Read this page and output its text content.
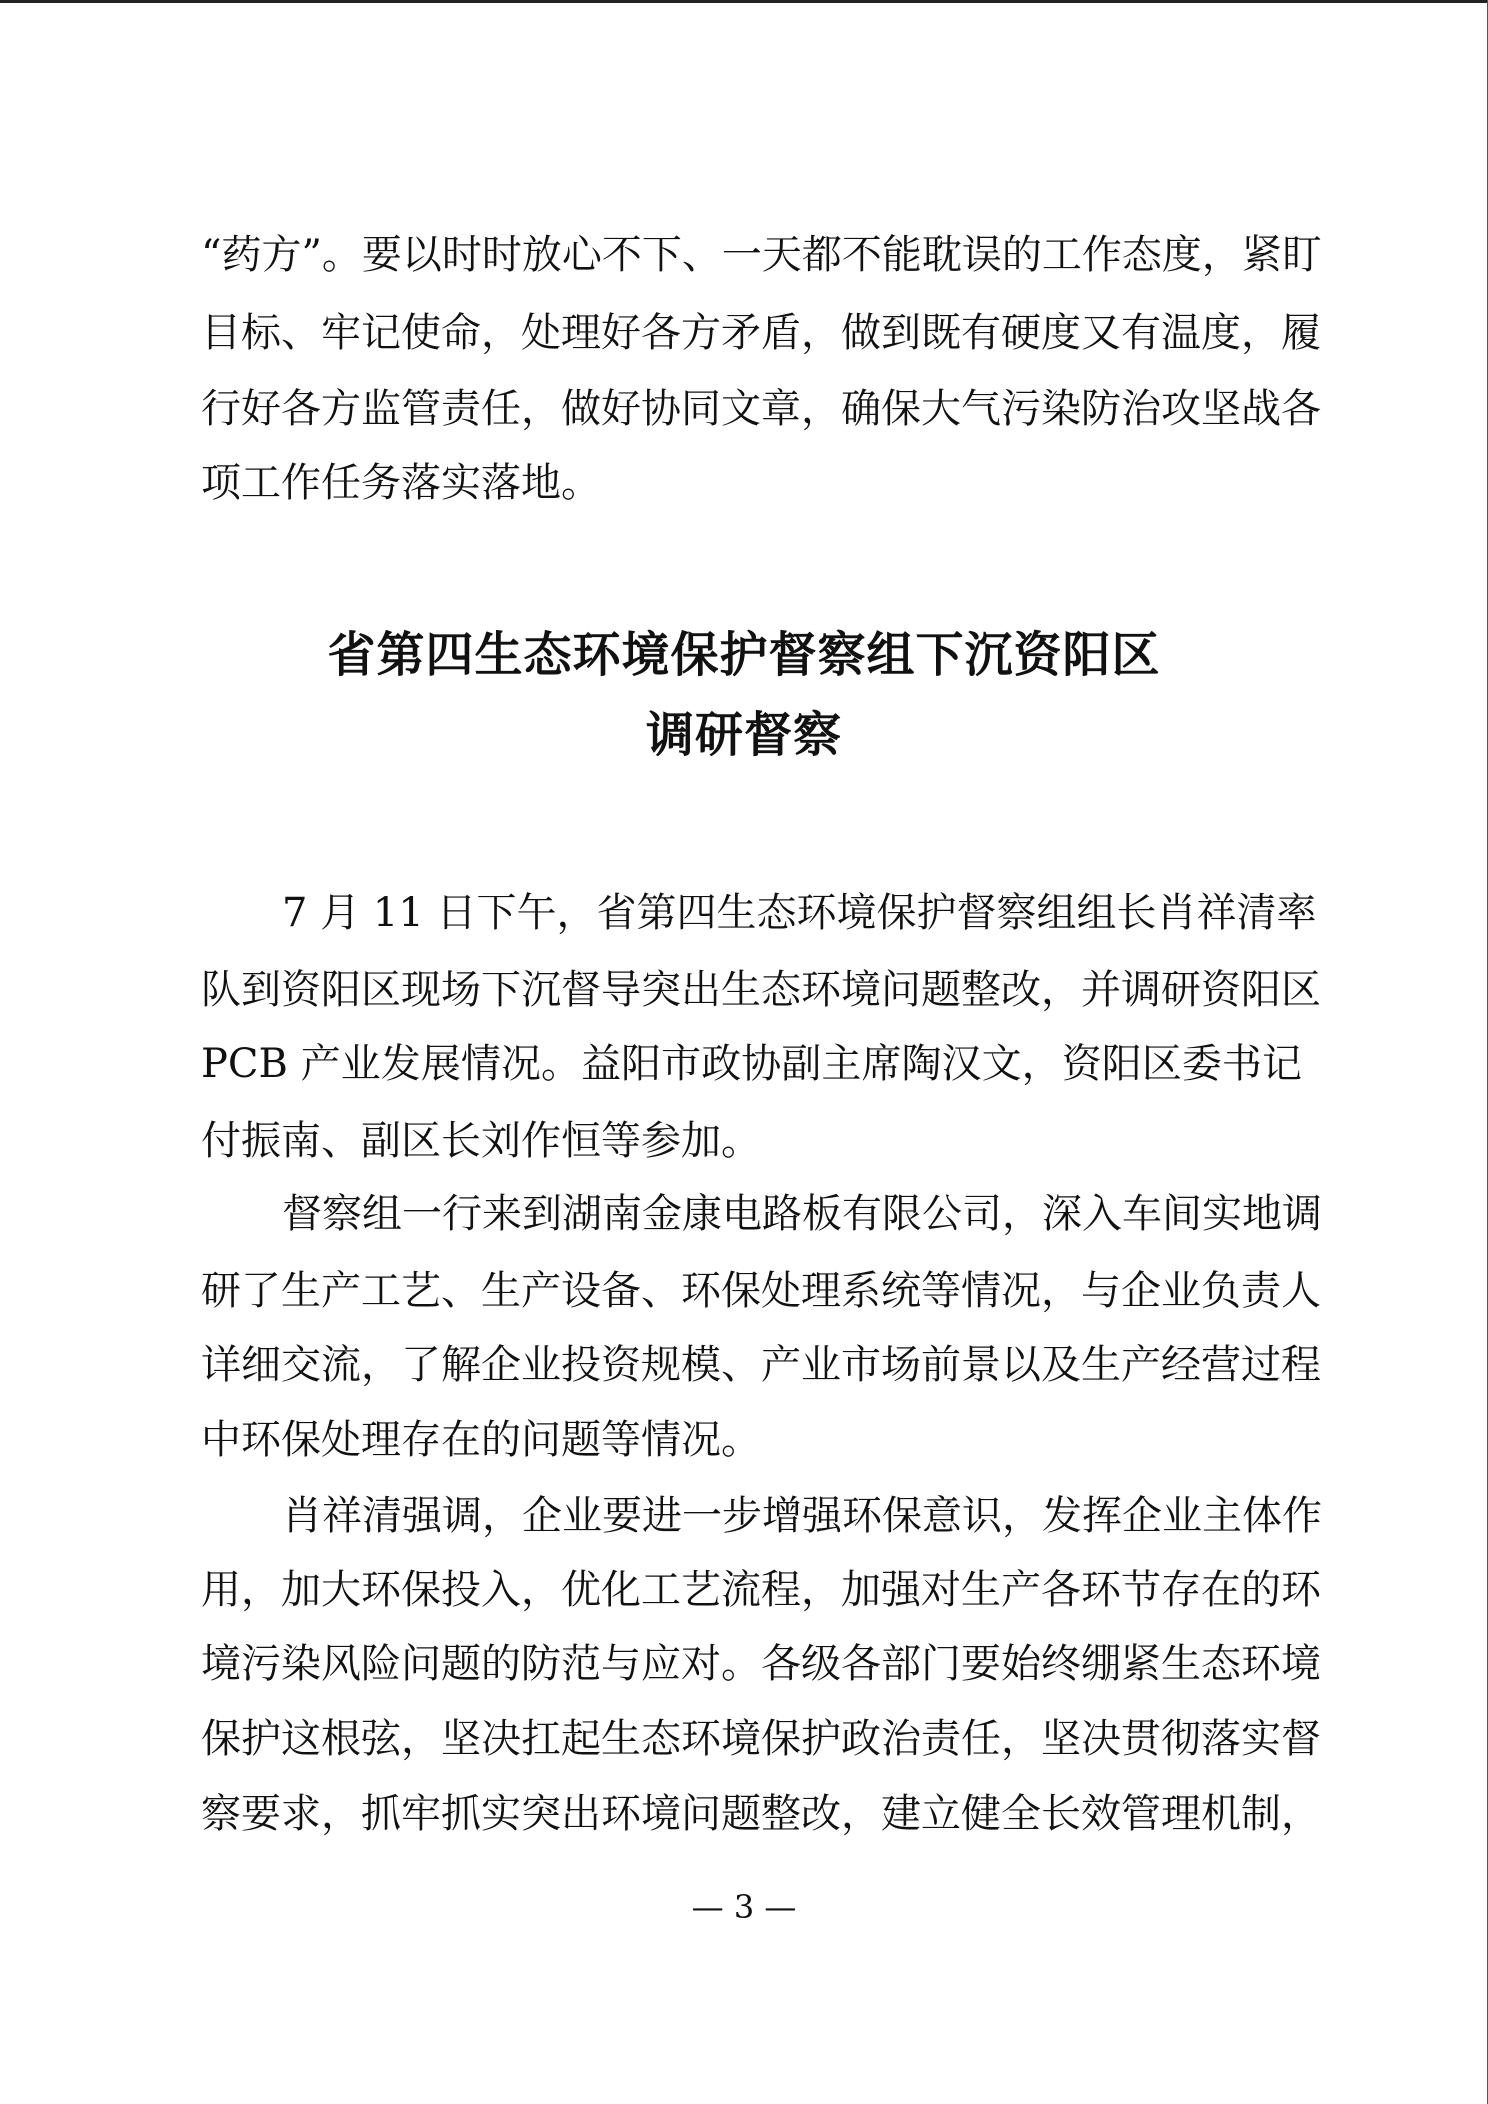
“药方”。要以时时放心不下、一天都不能耽误的工作态度，紧盯
目标、牢记使命，处理好各方矛盾，做到既有硬度又有温度，履
行好各方监管责任，做好协同文章，确保大气污染防治攻坚战各
项工作任务落实落地。
省第四生态环境保护督察组下沉资阳区
调研督察
7 月 11 日下午，省第四生态环境保护督察组组长肖祥清率
队到资阳区现场下沉督导突出生态环境问题整改，并调研资阳区
PCB 产业发展情况。益阳市政协副主席陶汉文，资阳区委书记
付振南、副区长刘作恒等参加。
督察组一行来到湖南金康电路板有限公司，深入车间实地调
研了生产工艺、生产设备、环保处理系统等情况，与企业负责人
详细交流，了解企业投资规模、产业市场前景以及生产经营过程
中环保处理存在的问题等情况。
肖祥清强调，企业要进一步增强环保意识，发挥企业主体作
用，加大环保投入，优化工艺流程，加强对生产各环节存在的环
境污染风险问题的防范与应对。各级各部门要始终绷紧生态环境
保护这根弦，坚决扛起生态环境保护政治责任，坚决贯彻落实督
察要求，抓牢抓实突出环境问题整改，建立健全长效管理机制，
— 3 —
